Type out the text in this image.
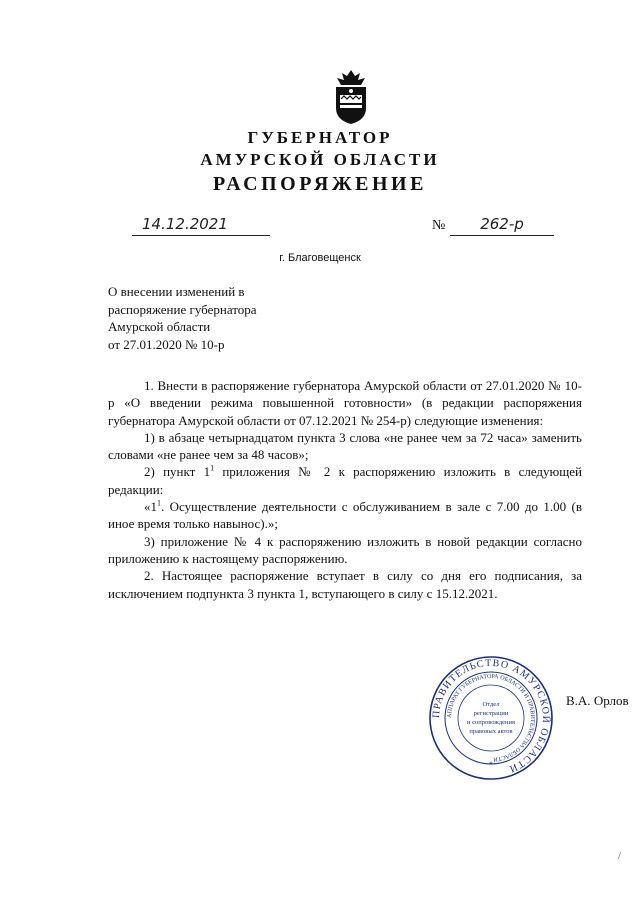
ГУБЕРНАТОР
АМУРСКОЙ ОБЛАСТИ
РАСПОРЯЖЕНИЕ
14.12.2021	№	262-р
г. Благовещенск
О внесении изменений в
распоряжение губернатора
Амурской области
от 27.01.2020 № 10-р

1. Внести в распоряжение губернатора Амурской области от 27.01.2020 № 10-р «О введении режима повышенной готовности» (в редакции распоряжения губернатора Амурской области от 07.12.2021 № 254-р) следующие изменения:

1) в абзаце четырнадцатом пункта 3 слова «не ранее чем за 72 часа» заменить словами «не ранее чем за 48 часов»;

2) пункт $1^1$ приложения № 2 к распоряжению изложить в следующей редакции:

«$1^1$. Осуществление деятельности с обслуживанием в зале с 7.00 до 1.00 (в иное время только навынос).»;

3) приложение № 4 к распоряжению изложить в новой редакции согласно приложению к настоящему распоряжению.

2. Настоящее распоряжение вступает в силу со дня его подписания, за исключением подпункта 3 пункта 1, вступающего в силу с 15.12.2021.

ПРАВИТЕЛЬСТВО АМУРСКОЙ ОБЛАСТИ
АППАРАТ ГУБЕРНАТОРА ОБЛАСТИ И ПРАВИТЕЛЬСТВА ОБЛАСТИ
Отдел
регистрации
и сопровождения
правовых актов
*
В.А. Орлов
/
